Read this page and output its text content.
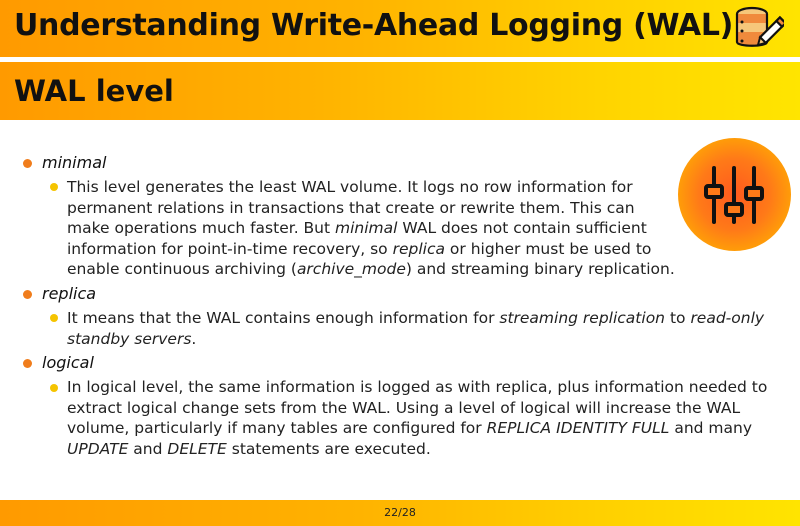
Understanding Write-Ahead Logging (WAL)
WAL level
minimal
This level generates the least WAL volume. It logs no row information for
permanent relations in transactions that create or rewrite them. This can
make operations much faster. But minimal WAL does not contain sufficient
information for point-in-time recovery, so replica or higher must be used to
enable continuous archiving (archive_mode) and streaming binary replication.
replica
It means that the WAL contains enough information for streaming replication to read-only
standby servers.
logical
In logical level, the same information is logged as with replica, plus information needed to
extract logical change sets from the WAL. Using a level of logical will increase the WAL
volume, particularly if many tables are configured for REPLICA IDENTITY FULL and many
UPDATE and DELETE statements are executed.
22/28
